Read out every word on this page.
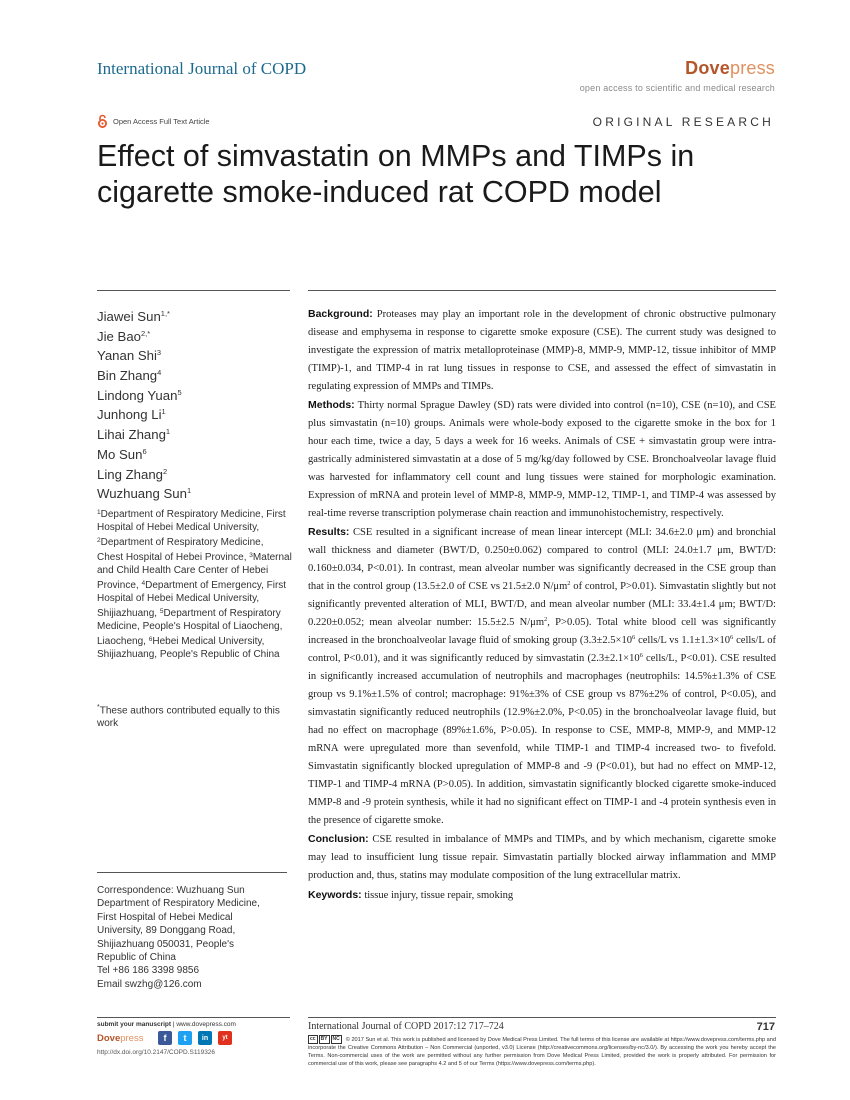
International Journal of COPD	Dovepress
open access to scientific and medical research
Open Access Full Text Article	ORIGINAL RESEARCH
Effect of simvastatin on MMPs and TIMPs in cigarette smoke-induced rat COPD model
Jiawei Sun$^{1,*}$
Jie Bao$^{2,*}$
Yanan Shi$^3$
Bin Zhang$^4$
Lindong Yuan$^5$
Junhong Li$^1$
Lihai Zhang$^1$
Mo Sun$^6$
Ling Zhang$^2$
Wuzhuang Sun$^1$

$^1$Department of Respiratory Medicine, First Hospital of Hebei Medical University, $^2$Department of Respiratory Medicine, Chest Hospital of Hebei Province, $^3$Maternal and Child Health Care Center of Hebei Province, $^4$Department of Emergency, First Hospital of Hebei Medical University, Shijiazhuang, $^5$Department of Respiratory Medicine, People's Hospital of Liaocheng, Liaocheng, $^6$Hebei Medical University, Shijiazhuang, People's Republic of China

*These authors contributed equally to this work
Correspondence: Wuzhuang Sun
Department of Respiratory Medicine,
First Hospital of Hebei Medical
University, 89 Donggang Road,
Shijiazhuang 050031, People's
Republic of China
Tel +86 186 3398 9856
Email swzhg@126.com

Background: Proteases may play an important role in the development of chronic obstructive pulmonary disease and emphysema in response to cigarette smoke exposure (CSE). The current study was designed to investigate the expression of matrix metalloproteinase (MMP)-8, MMP-9, MMP-12, tissue inhibitor of MMP (TIMP)-1, and TIMP-4 in rat lung tissues in response to CSE, and assessed the effect of simvastatin in regulating expression of MMPs and TIMPs.

Methods: Thirty normal Sprague Dawley (SD) rats were divided into control (n=10), CSE (n=10), and CSE plus simvastatin (n=10) groups. Animals were whole-body exposed to the cigarette smoke in the box for 1 hour each time, twice a day, 5 days a week for 16 weeks. Animals of CSE + simvastatin group were intra-gastrically administered simvastatin at a dose of 5 mg/kg/day followed by CSE. Bronchoalveolar lavage fluid was harvested for inflammatory cell count and lung tissues were stained for morphologic examination. Expression of mRNA and protein level of MMP-8, MMP-9, MMP-12, TIMP-1, and TIMP-4 was assessed by real-time reverse transcription polymerase chain reaction and immunohistochemistry, respectively.

Results: CSE resulted in a significant increase of mean linear intercept (MLI: 34.6±2.0 μm) and bronchial wall thickness and diameter (BWT/D, 0.250±0.062) compared to control (MLI: 24.0±1.7 μm, BWT/D: 0.160±0.034, P<0.01). In contrast, mean alveolar number was significantly decreased in the CSE group than that in the control group (13.5±2.0 of CSE vs 21.5±2.0 $N/\mu m^2$ of control, P>0.01). Simvastatin slightly but not significantly prevented alteration of MLI, BWT/D, and mean alveolar number (MLI: 33.4±1.4 μm; BWT/D: 0.220±0.052; mean alveolar number: 15.5±2.5 $N/\mu m^2$, P>0.05). Total white blood cell was significantly increased in the bronchoalveolar lavage fluid of smoking group ($3.3\pm 2.5\times 10^6$ cells/L vs $1.1\pm 1.3\times 10^6$ cells/L of control, P<0.01), and it was significantly reduced by simvastatin ($2.3\pm 2.1\times 10^6$ cells/L, P<0.01). CSE resulted in significantly increased accumulation of neutrophils and macrophages (neutrophils: 14.5%±1.3% of CSE group vs 9.1%±1.5% of control; macrophage: 91%±3% of CSE group vs 87%±2% of control, P<0.05), and simvastatin significantly reduced neutrophils (12.9%±2.0%, P<0.05) in the bronchoalveolar lavage fluid, but had no effect on macrophage (89%±1.6%, P>0.05). In response to CSE, MMP-8, MMP-9, and MMP-12 mRNA were upregulated more than sevenfold, while TIMP-1 and TIMP-4 increased two- to fivefold. Simvastatin significantly blocked upregulation of MMP-8 and -9 (P<0.01), but had no effect on MMP-12, TIMP-1 and TIMP-4 mRNA (P>0.05). In addition, simvastatin significantly blocked cigarette smoke-induced MMP-8 and -9 protein synthesis, while it had no significant effect on TIMP-1 and -4 protein synthesis even in the presence of cigarette smoke.

Conclusion: CSE resulted in imbalance of MMPs and TIMPs, and by which mechanism, cigarette smoke may lead to insufficient lung tissue repair. Simvastatin partially blocked airway inflammation and MMP production and, thus, statins may modulate composition of the lung extracellular matrix.

Keywords: tissue injury, tissue repair, smoking

submit your manuscript | www.dovepress.com
Dovepress	f	t	in	yt
http://dx.doi.org/10.2147/COPD.S119326
International Journal of COPD 2017:12 717–724	717
cc	BY	NC	© 2017 Sun et al. This work is published and licensed by Dove Medical Press Limited. The full terms of this license are available at https://www.dovepress.com/terms.php and incorporate the Creative Commons Attribution – Non Commercial (unported, v3.0) License (http://creativecommons.org/licenses/by-nc/3.0/). By accessing the work you hereby accept the Terms. Non-commercial uses of the work are permitted without any further permission from Dove Medical Press Limited, provided the work is properly attributed. For permission for commercial use of this work, please see paragraphs 4.2 and 5 of our Terms (https://www.dovepress.com/terms.php).
